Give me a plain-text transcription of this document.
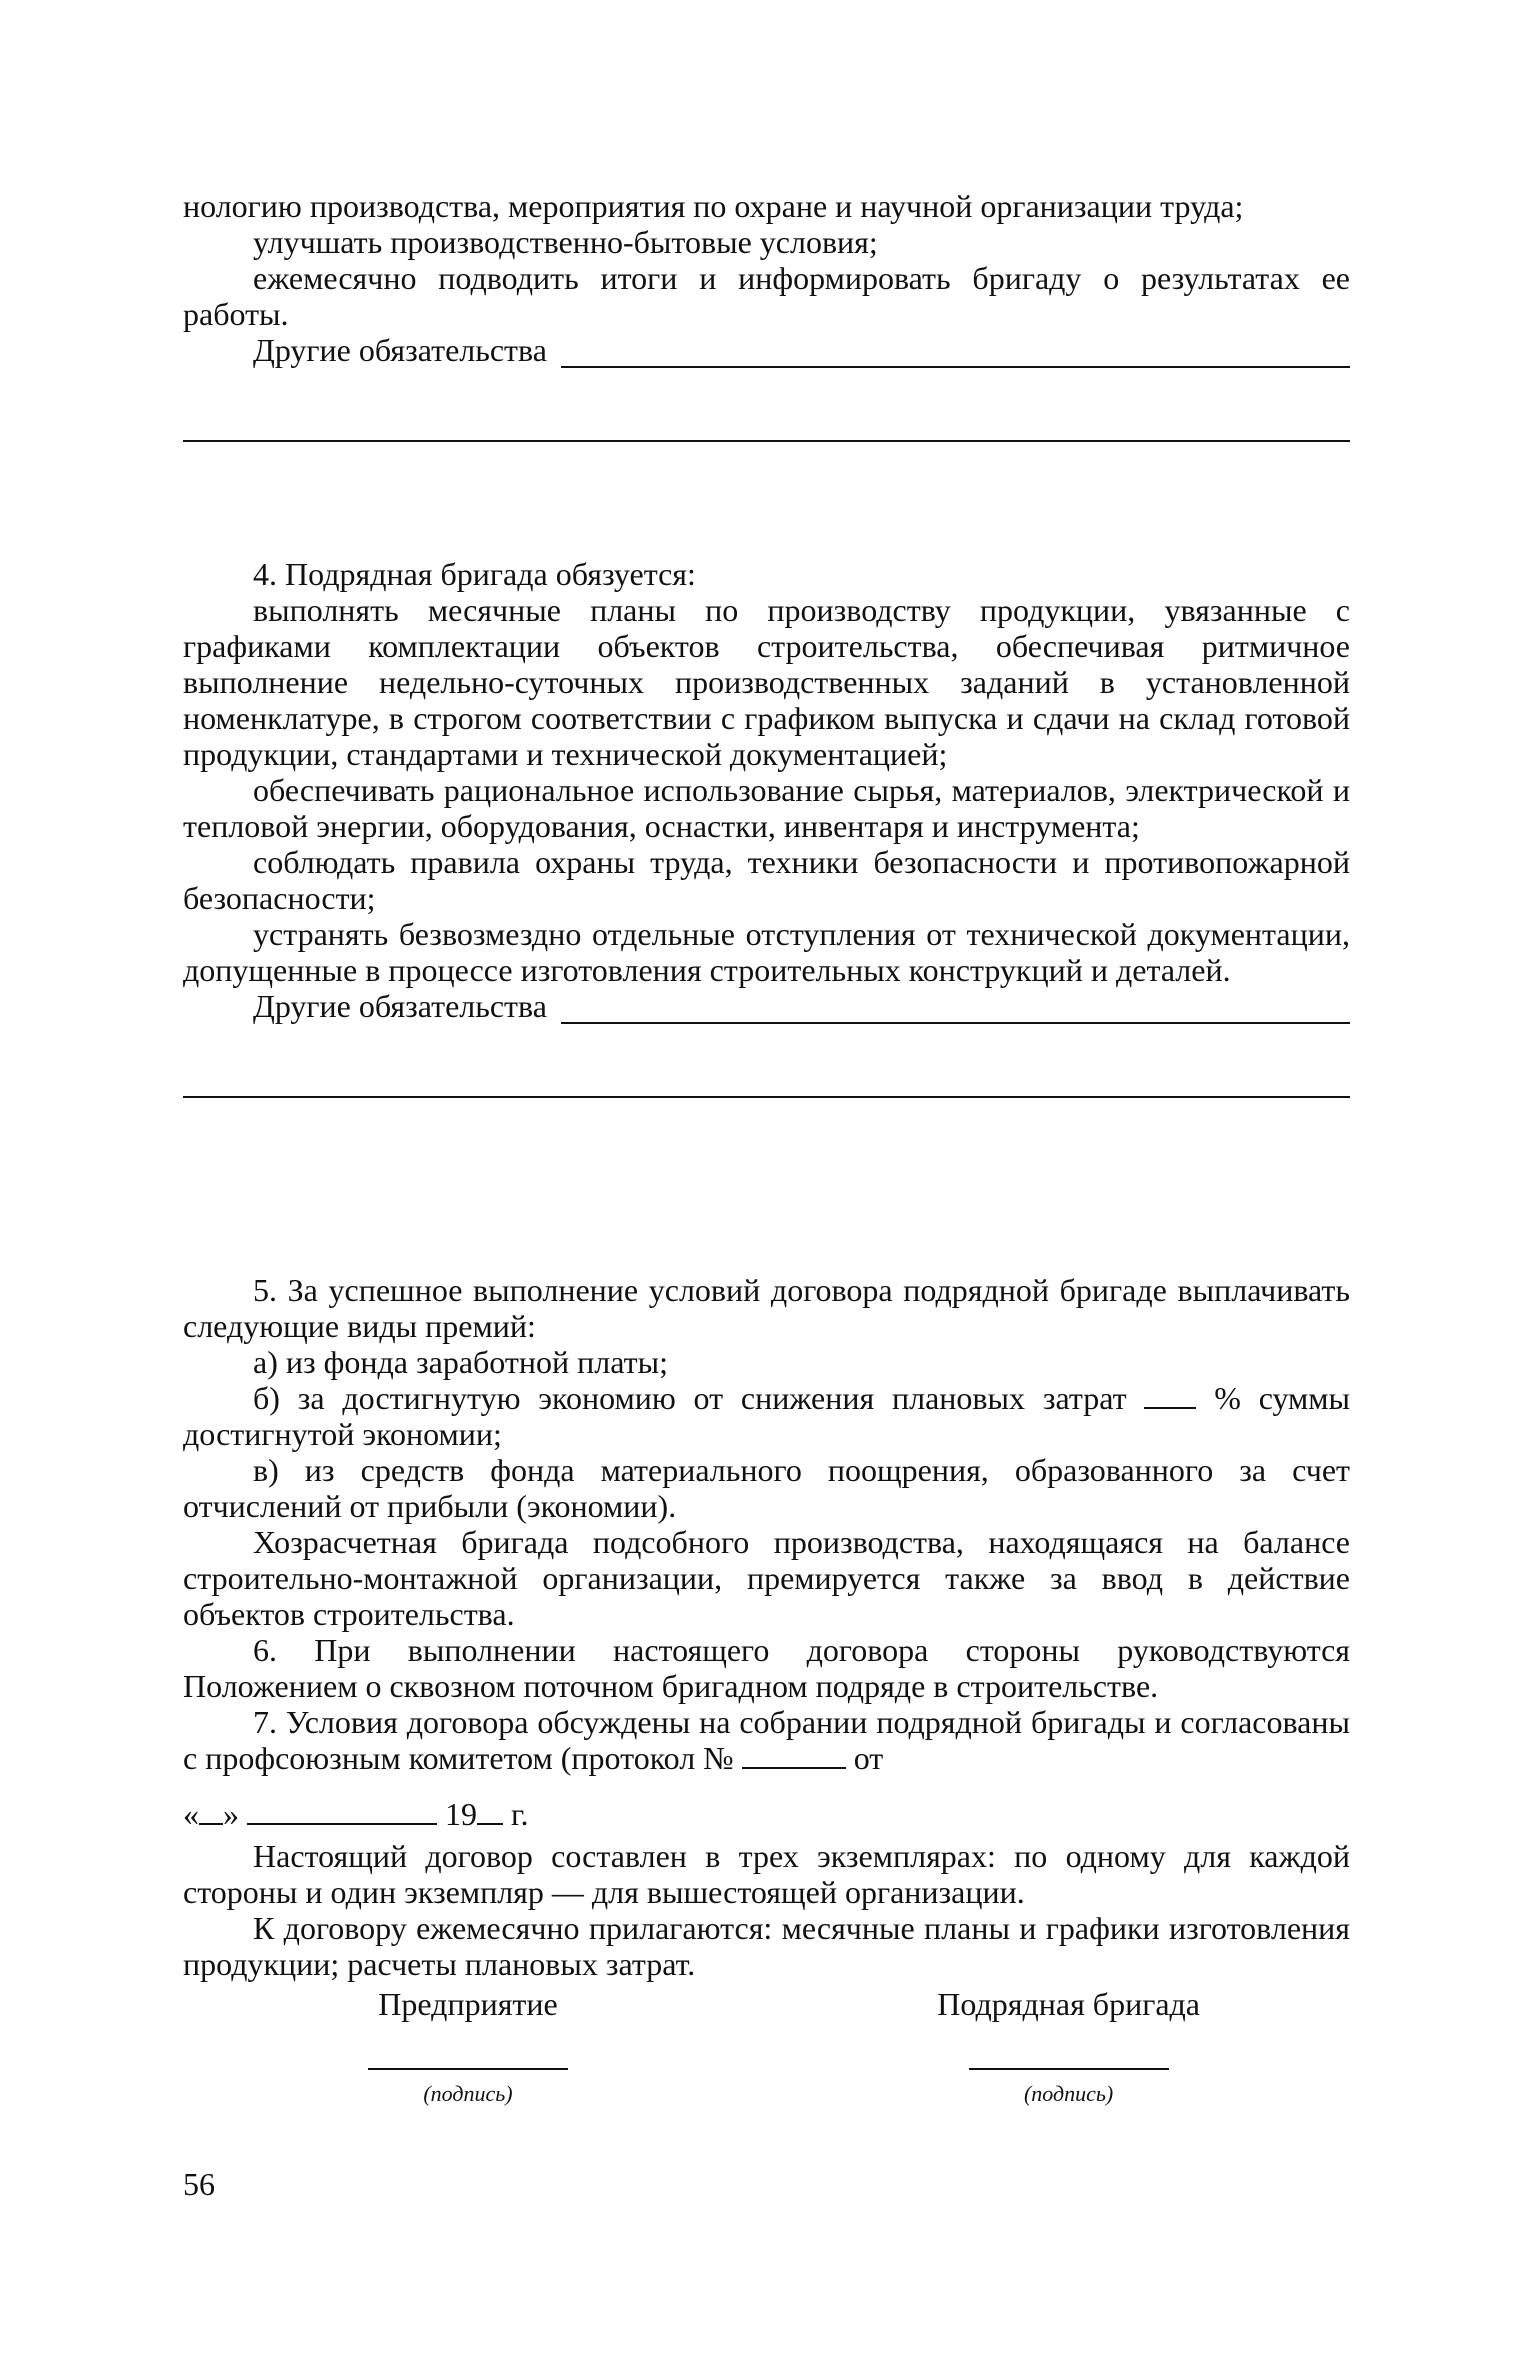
нологию производства, мероприятия по охране и научной организации труда;

улучшать производственно-бытовые условия;

ежемесячно подводить итоги и информировать бригаду о результатах ее работы.

Другие обязательства

4. Подрядная бригада обязуется:

выполнять месячные планы по производству продукции, увязанные с графиками комплектации объектов строительства, обеспечивая ритмичное выполнение недельно-суточных производственных заданий в установленной номенклатуре, в строгом соответствии с графиком выпуска и сдачи на склад готовой продукции, стандартами и технической документацией;

обеспечивать рациональное использование сырья, материалов, электрической и тепловой энергии, оборудования, оснастки, инвентаря и инструмента;

соблюдать правила охраны труда, техники безопасности и противопожарной безопасности;

устранять безвозмездно отдельные отступления от технической документации, допущенные в процессе изготовления строительных конструкций и деталей.

Другие обязательства

5. За успешное выполнение условий договора подрядной бригаде выплачивать следующие виды премий:

а) из фонда заработной платы;

б) за достигнутую экономию от снижения плановых затрат	% суммы достигнутой экономии;

в) из средств фонда материального поощрения, образованного за счет отчислений от прибыли (экономии).

Хозрасчетная бригада подсобного производства, находящаяся на балансе строительно-монтажной организации, премируется также за ввод в действие объектов строительства.

6. При выполнении настоящего договора стороны руководствуются Положением о сквозном поточном бригадном подряде в строительстве.

7. Условия договора обсуждены на собрании подрядной бригады и согласованы с профсоюзным комитетом (протокол №	от

« »	19 г.

Настоящий договор составлен в трех экземплярах: по одному для каждой стороны и один экземпляр — для вышестоящей организации.

К договору ежемесячно прилагаются: месячные планы и графики изготовления продукции; расчеты плановых затрат.

Предприятие
(подпись)
Подрядная бригада
(подпись)
56
